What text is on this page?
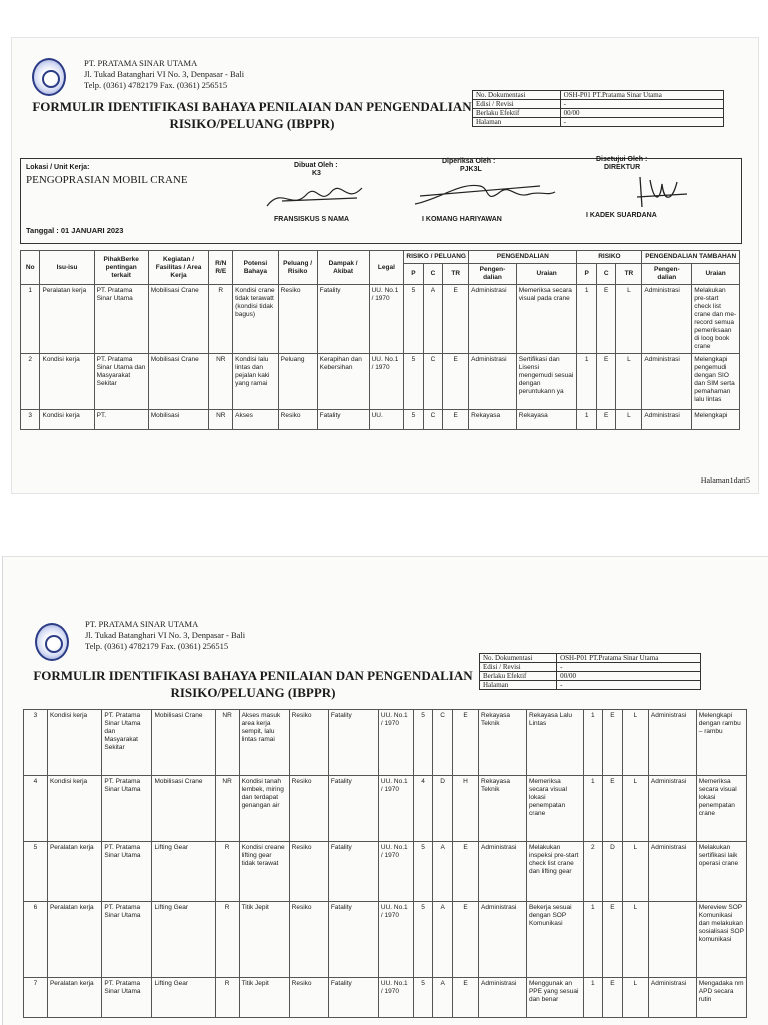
PT. PRATAMA SINAR UTAMA
Jl. Tukad Batanghari VI No. 3, Denpasar - Bali
Telp. (0361) 4782179 Fax. (0361) 256515
FORMULIR IDENTIFIKASI BAHAYA PENILAIAN DAN PENGENDALIAN
RISIKO/PELUANG (IBPPR)
No. Dokumentasi	OSH-P01 PT.Pratama Sinar Utama
Edisi / Revisi	-
Berlaku Efektif	00/00
Halaman	-
Lokasi / Unit Kerja:
PENGOPRASIAN MOBIL CRANE
Tanggal : 01 JANUARI 2023
Dibuat Oleh :
K3
FRANSISKUS S NAMA
Diperiksa Oleh :
PJK3L
I KOMANG HARIYAWAN
Disetujui Oleh :
DIREKTUR
I KADEK SUARDANA
No	Isu-isu	PihakBerke pentingan terkait	Kegiatan / Fasilitas / Area Kerja	R/N R/E	Potensi Bahaya	Peluang / Risiko	Dampak / Akibat	Legal	RISIKO / PELUANG			PENGENDALIAN		RISIKO			PENGENDALIAN TAMBAHAN	
									P	C	TR	Pengen- dalian	Uraian	P	C	TR	Pengen- dalian	Uraian
1	Peralatan kerja	PT. Pratama Sinar Utama	Mobilisasi Crane	R	Kondisi crane tidak terawatt (kondisi tidak bagus)	Resiko	Fatality	UU. No.1 / 1970	5	A	E	Administrasi	Memeriksa secara visual pada crane	1	E	L	Administrasi	Melakukan pre-start check list crane dan me-record semua pemeriksaan di loog book crane
2	Kondisi kerja	PT. Pratama Sinar Utama dan Masyarakat Sekitar	Mobilisasi Crane	NR	Kondisi lalu lintas dan pejalan kaki yang ramai	Peluang	Kerapihan dan Kebersihan	UU. No.1 / 1970	5	C	E	Administrasi	Sertifikasi dan Lisensi mengemudi sesuai dengan peruntukann ya	1	E	L	Administrasi	Melengkapi pengemudi dengan SIO dan SIM serta pemahaman lalu lintas
3	Kondisi kerja	PT.	Mobilisasi	NR	Akses	Resiko	Fatality	UU.	5	C	E	Rekayasa	Rekayasa	1	E	L	Administrasi	Melengkapi
Halaman1dari5
PT. PRATAMA SINAR UTAMA
Jl. Tukad Batanghari VI No. 3, Denpasar - Bali
Telp. (0361) 4782179 Fax. (0361) 256515
FORMULIR IDENTIFIKASI BAHAYA PENILAIAN DAN PENGENDALIAN
RISIKO/PELUANG (IBPPR)
No. Dokumentasi	OSH-P01 PT.Pratama Sinar Utama
Edisi / Revisi	-
Berlaku Efektif	00/00
Halaman	-
3	Kondisi kerja	PT. Pratama Sinar Utama dan Masyarakat Sekitar	Mobilisasi Crane	NR	Akses masuk area kerja sempit, lalu lintas ramai	Resiko	Fatality	UU. No.1 / 1970	5	C	E	Rekayasa Teknik	Rekayasa Lalu Lintas	1	E	L	Administrasi	Melengkapi dengan rambu – rambu
4	Kondisi kerja	PT. Pratama Sinar Utama	Mobilisasi Crane	NR	Kondisi tanah lembek, miring dan terdapat genangan air	Resiko	Fatality	UU. No.1 / 1970	4	D	H	Rekayasa Teknik	Memeriksa secara visual lokasi penempatan crane	1	E	L	Administrasi	Memeriksa secara visual lokasi penempatan crane
5	Peralatan kerja	PT. Pratama Sinar Utama	Lifting Gear	R	Kondisi creane lifting gear tidak terawat	Resiko	Fatality	UU. No.1 / 1970	5	A	E	Administrasi	Melakukan inspeksi pre-start check list crane dan lifting gear	2	D	L	Administrasi	Melakukan sertifikasi laik operasi crane
6	Peralatan kerja	PT. Pratama Sinar Utama	Lifting Gear	R	Titik Jepit	Resiko	Fatality	UU. No.1 / 1970	5	A	E	Administrasi	Bekerja sesuai dengan SOP Komunikasi	1	E	L		Mereview SOP Komunikasi dan melakukan sosialisasi SOP komunikasi
7	Peralatan kerja	PT. Pratama Sinar Utama	Lifting Gear	R	Titik Jepit	Resiko	Fatality	UU. No.1 / 1970	5	A	E	Administrasi	Menggunak an PPE yang sesuai dan benar	1	E	L	Administrasi	Mengadaka nm APD secara rutin
